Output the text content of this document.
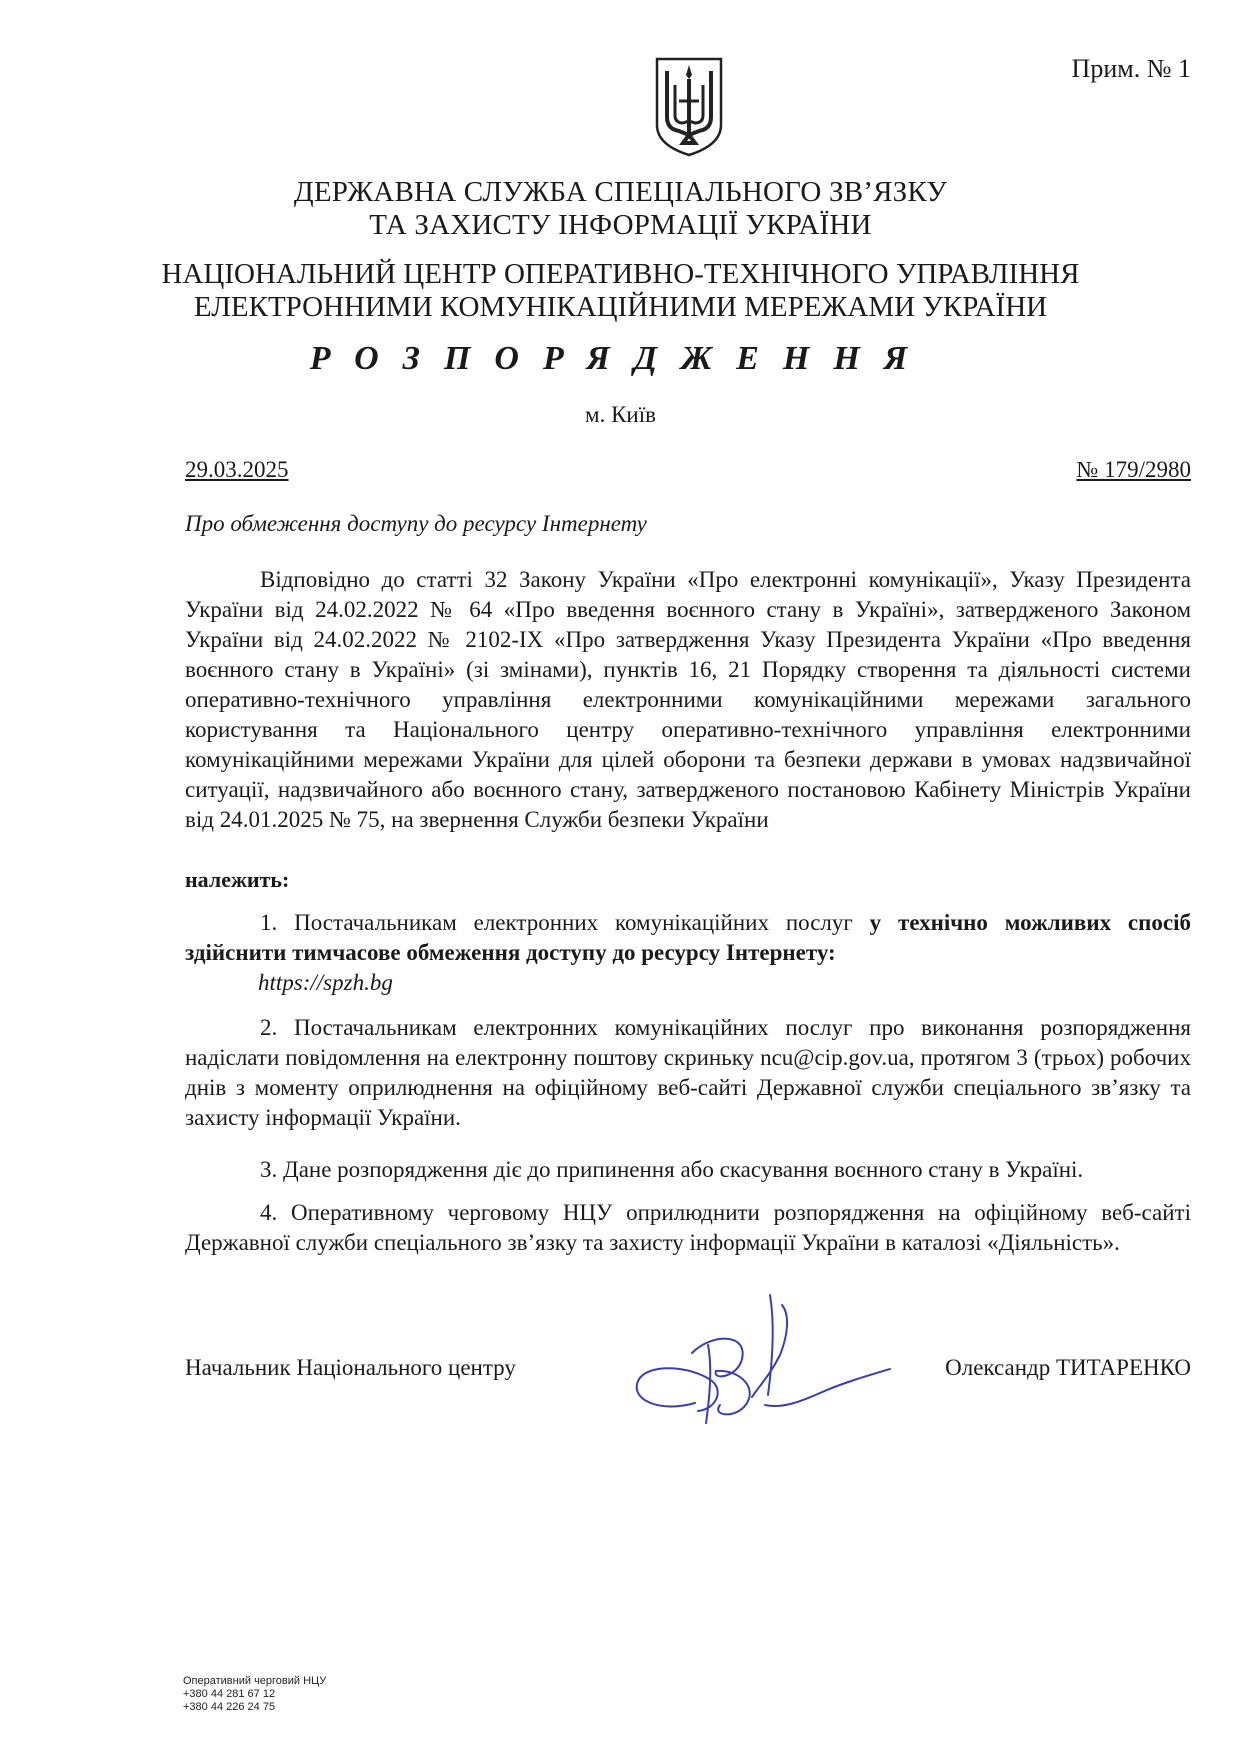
Прим. № 1
ДЕРЖАВНА СЛУЖБА СПЕЦІАЛЬНОГО ЗВ’ЯЗКУ
ТА ЗАХИСТУ ІНФОРМАЦІЇ УКРАЇНИ
НАЦІОНАЛЬНИЙ ЦЕНТР ОПЕРАТИВНО-ТЕХНІЧНОГО УПРАВЛІННЯ
ЕЛЕКТРОННИМИ КОМУНІКАЦІЙНИМИ МЕРЕЖАМИ УКРАЇНИ
РОЗПОРЯДЖЕННЯ
м. Київ
29.03.2025	№ 179/2980
Про обмеження доступу до ресурсу Інтернету

Відповідно до статті 32 Закону України «Про електронні комунікації», Указу Президента України від 24.02.2022 № 64 «Про введення воєнного стану в Україні», затвердженого Законом України від 24.02.2022 № 2102-IX «Про затвердження Указу Президента України «Про введення воєнного стану в Україні» (зі змінами), пунктів 16, 21 Порядку створення та діяльності системи оперативно-технічного управління електронними комунікаційними мережами загального користування та Національного центру оперативно-технічного управління електронними комунікаційними мережами України для цілей оборони та безпеки держави в умовах надзвичайної ситуації, надзвичайного або воєнного стану, затвердженого постановою Кабінету Міністрів України від 24.01.2025 № 75, на звернення Служби безпеки України

належить:

1. Постачальникам електронних комунікаційних послуг у технічно можливих спосіб здійснити тимчасове обмеження доступу до ресурсу Інтернету:

https://spzh.bg

2. Постачальникам електронних комунікаційних послуг про виконання розпорядження надіслати повідомлення на електронну поштову скриньку ncu@cip.gov.ua, протягом 3 (трьох) робочих днів з моменту оприлюднення на офіційному веб-сайті Державної служби спеціального зв’язку та захисту інформації України.

3. Дане розпорядження діє до припинення або скасування воєнного стану в Україні.

4. Оперативному черговому НЦУ оприлюднити розпорядження на офіційному веб-сайті Державної служби спеціального зв’язку та захисту інформації України в каталозі «Діяльність».

Начальник Національного центру	Олександр ТИТАРЕНКО
Оперативний черговий НЦУ
+380 44 281 67 12
+380 44 226 24 75
